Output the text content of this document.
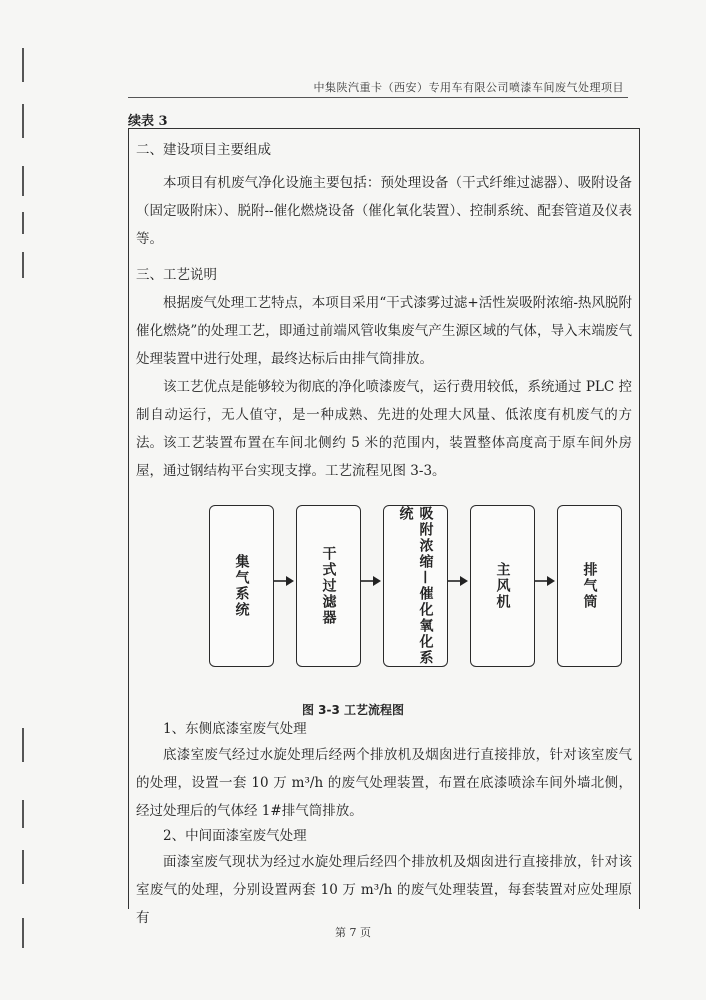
中集陕汽重卡（西安）专用车有限公司喷漆车间废气处理项目
续表 3
二、建设项目主要组成

本项目有机废气净化设施主要包括：预处理设备（干式纤维过滤器）、吸附设备（固定吸附床）、脱附--催化燃烧设备（催化氧化装置）、控制系统、配套管道及仪表等。

三、工艺说明

根据废气处理工艺特点，本项目采用“干式漆雾过滤+活性炭吸附浓缩-热风脱附催化燃烧”的处理工艺，即通过前端风管收集废气产生源区域的气体，导入末端废气处理装置中进行处理，最终达标后由排气筒排放。

该工艺优点是能够较为彻底的净化喷漆废气，运行费用较低，系统通过 PLC 控制自动运行，无人值守，是一种成熟、先进的处理大风量、低浓度有机废气的方法。 该工艺装置布置在车间北侧约 5 米的范围内，装置整体高度高于原车间外房屋，通过钢结构平台实现支撑。工艺流程见图 3-3。

集气系统	干式过滤器	吸附浓缩—催化氧化系统
主风机	排气筒
图 3-3 工艺流程图
1、东侧底漆室废气处理

底漆室废气经过水旋处理后经两个排放机及烟囱进行直接排放，针对该室废气的处理，设置一套 10 万 m³/h 的废气处理装置，布置在底漆喷涂车间外墙北侧，经过处理后的气体经 1#排气筒排放。

2、中间面漆室废气处理

面漆室废气现状为经过水旋处理后经四个排放机及烟囱进行直接排放，针对该室废气的处理，分别设置两套 10 万 m³/h 的废气处理装置，每套装置对应处理原有

第 7 页
